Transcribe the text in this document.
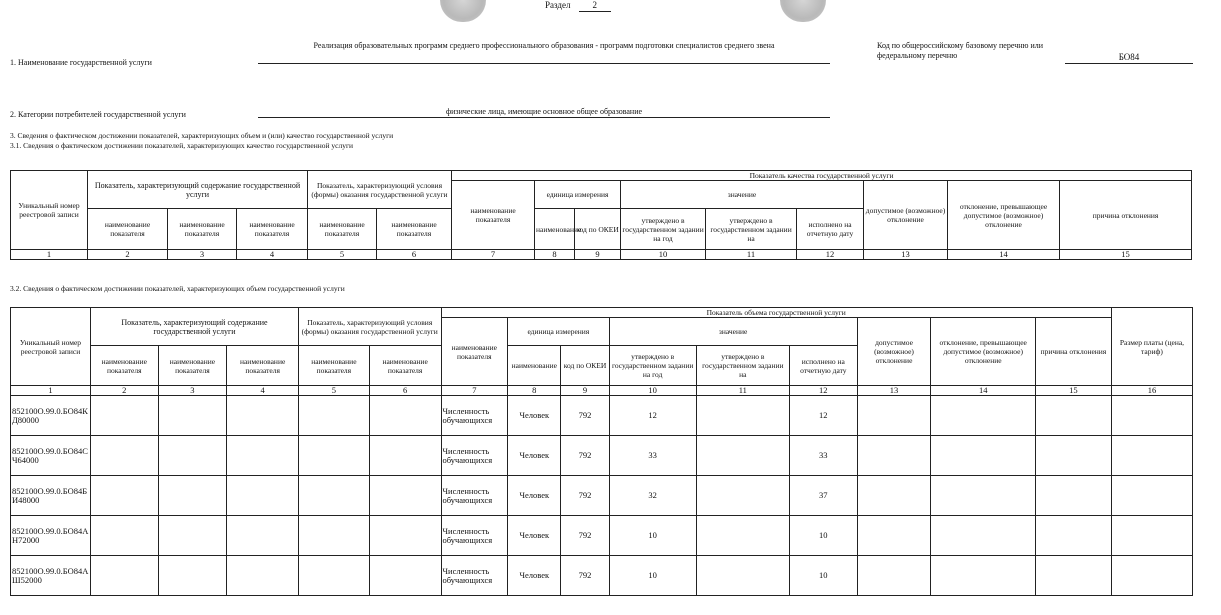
Раздел 2
1. Наименование государственной услуги
Реализация образовательных программ среднего профессионального образования - программ подготовки специалистов среднего звена	Код по общероссийскому базовому перечню или федеральному перечню	БО84
2. Категории потребителей государственной услуги	физические лица, имеющие основное общее образование
3. Сведения о фактическом достижении показателей, характеризующих объем и (или) качество государственной услуги
3.1. Сведения о фактическом достижении показателей, характеризующих качество государственной услуги
Уникальный номер реестровой записи	Показатель, характеризующий содержание государственной услуги			Показатель, характеризующий условия (формы) оказания государственной услуги		Показатель качества государственной услуги								
						наименование показателя	единица измерения		значение			допустимое (возможное) отклонение	отклонение, превышающее допустимое (возможное) отклонение	причина отклонения
	наименование показателя	наименование показателя	наименование показателя	наименование показателя	наименование показателя		наименование	код по ОКЕИ	утверждено в государственном задании на год	утверждено в государственном задании на	исполнено на отчетную дату			
1	2	3	4	5	6	7	8	9	10	11	12	13	14	15
3.2. Сведения о фактическом достижении показателей, характеризующих объем государственной услуги
Уникальный номер реестровой записи	Показатель, характеризующий содержание государственной услуги			Показатель, характеризующий условия (формы) оказания государственной услуги		Показатель объема государственной услуги									Размер платы (цена, тариф)
						наименование показателя	единица измерения		значение			допустимое (возможное) отклонение	отклонение, превышающее допустимое (возможное) отклонение	причина отклонения	
	наименование показателя	наименование показателя	наименование показателя	наименование показателя	наименование показателя		наименование	код по ОКЕИ	утверждено в государственном задании на год	утверждено в государственном задании на	исполнено на отчетную дату				
1	2	3	4	5	6	7	8	9	10	11	12	13	14	15	16
852100О.99.0.БО84КД80000						Численность обучающихся	Человек	792	12		12				
852100О.99.0.БО84СЧ64000						Численность обучающихся	Человек	792	33		33				
852100О.99.0.БО84БИ48000						Численность обучающихся	Человек	792	32		37				
852100О.99.0.БО84АН72000						Численность обучающихся	Человек	792	10		10				
852100О.99.0.БО84АШ52000						Численность обучающихся	Человек	792	10		10				
